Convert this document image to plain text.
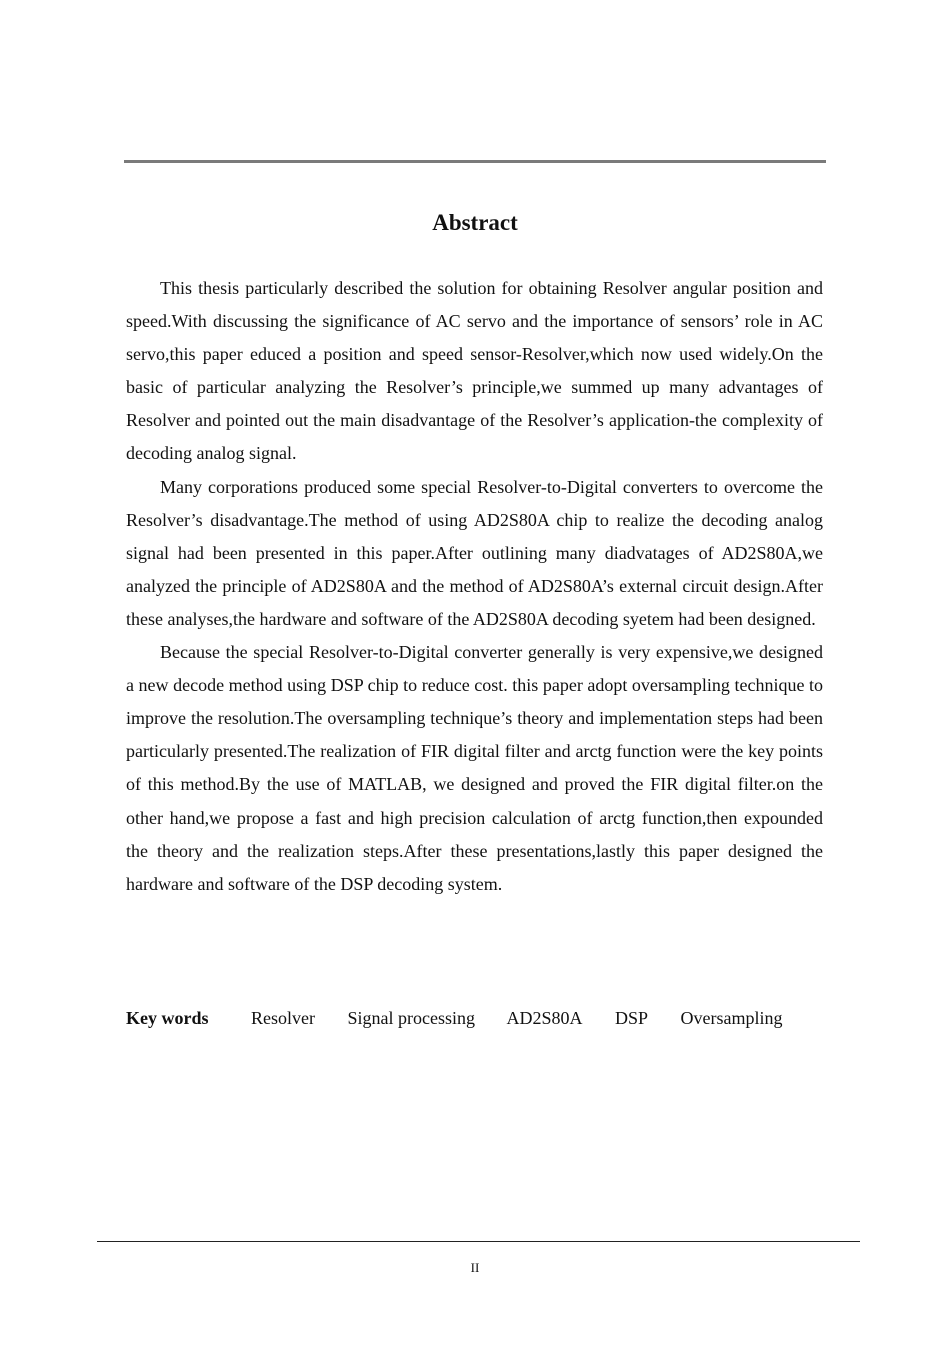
Abstract

This thesis particularly described the solution for obtaining Resolver angular position and speed.With discussing the significance of AC servo and the importance of sensors’ role in AC servo,this paper educed a position and speed sensor-Resolver,which now used widely.On the basic of particular analyzing the Resolver’s principle,we summed up many advantages of Resolver and pointed out the main disadvantage of the Resolver’s application-the complexity of decoding analog signal.

Many corporations produced some special Resolver-to-Digital converters to overcome the Resolver’s disadvantage.The method of using AD2S80A chip to realize the decoding analog signal had been presented in this paper.After outlining many diadvatages of AD2S80A,we analyzed the principle of AD2S80A and the method of AD2S80A’s external circuit design.After these analyses,the hardware and software of the AD2S80A decoding syetem had been designed.

Because the special Resolver-to-Digital converter generally is very expensive,we designed a new decode method using DSP chip to reduce cost. this paper adopt oversampling technique to improve the resolution.The oversampling technique’s theory and implementation steps had been particularly presented.The realization of FIR digital filter and arctg function were the key points of this method.By the use of MATLAB, we designed and proved the FIR digital filter.on the other hand,we propose a fast and high precision calculation of arctg function,then expounded the theory and the realization steps.After these presentations,lastly this paper designed the hardware and software of the DSP decoding system.

Key words Resolver Signal processing AD2S80A DSP Oversampling
II
